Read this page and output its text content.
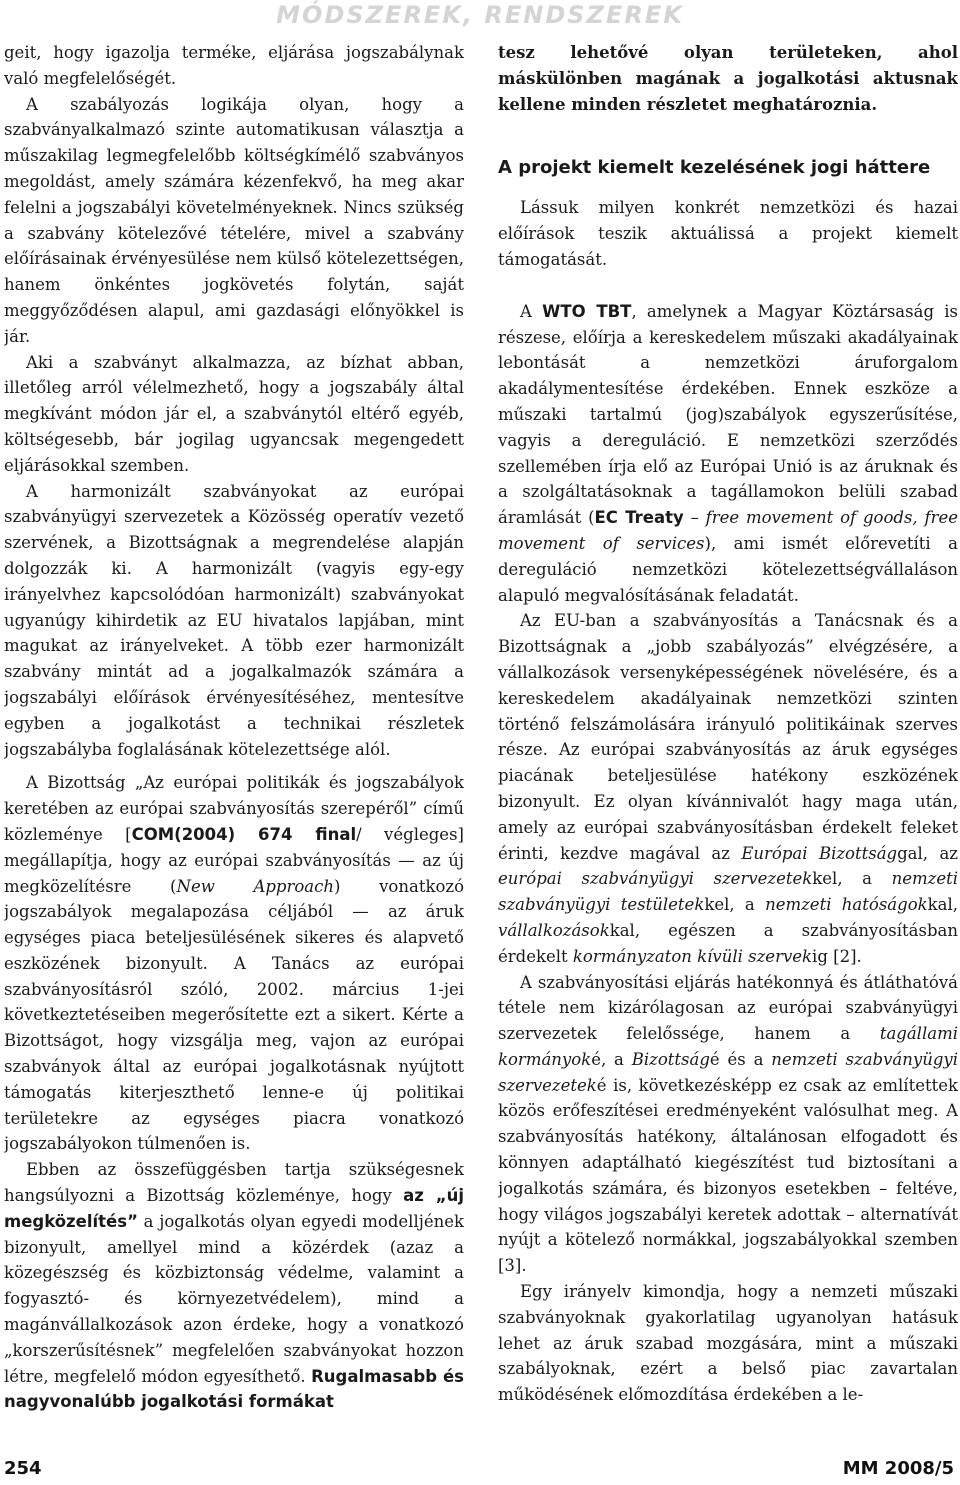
MÓDSZEREK, RENDSZEREK

geit, hogy igazolja terméke, eljárása jogszabálynak való megfelelőségét.

A szabályozás logikája olyan, hogy a szabványalkalmazó szinte automatikusan választja a műszakilag legmegfelelőbb költségkímélő szabványos megoldást, amely számára kézenfekvő, ha meg akar felelni a jogszabályi követelményeknek. Nincs szükség a szabvány kötelezővé tételére, mivel a szabvány előírásainak érvényesülése nem külső kötelezettségen, hanem önkéntes jogkövetés folytán, saját meggyőződésen alapul, ami gazdasági előnyökkel is jár.

Aki a szabványt alkalmazza, az bízhat abban, illetőleg arról vélelmezhető, hogy a jogszabály által megkívánt módon jár el, a szabványtól eltérő egyéb, költségesebb, bár jogilag ugyancsak megengedett eljárásokkal szemben.

A harmonizált szabványokat az európai szabványügyi szervezetek a Közösség operatív vezető szervének, a Bizottságnak a megrendelése alapján dolgozzák ki. A harmonizált (vagyis egy-egy irányelvhez kapcsolódóan harmonizált) szabványokat ugyanúgy kihirdetik az EU hivatalos lapjában, mint magukat az irányelveket. A több ezer harmonizált szabvány mintát ad a jogalkalmazók számára a jogszabályi előírások érvényesítéséhez, mentesítve egyben a jogalkotást a technikai részletek jogszabályba foglalásának kötelezettsége alól.

A Bizottság „Az európai politikák és jogszabályok keretében az európai szabványosítás szerepéről” című közleménye [COM(2004) 674 final/ végleges] megállapítja, hogy az európai szabványosítás — az új megközelítésre (New Approach) vonatkozó jogszabályok megalapozása céljából — az áruk egységes piaca beteljesülésének sikeres és alapvető eszközének bizonyult. A Tanács az európai szabványosításról szóló, 2002. március 1-jei következtetéseiben megerősítette ezt a sikert. Kérte a Bizottságot, hogy vizsgálja meg, vajon az európai szabványok által az európai jogalkotásnak nyújtott támogatás kiterjeszthető lenne-e új politikai területekre az egységes piacra vonatkozó jogszabályokon túlmenően is.

Ebben az összefüggésben tartja szükségesnek hangsúlyozni a Bizottság közleménye, hogy az „új megközelítés” a jogalkotás olyan egyedi modelljének bizonyult, amellyel mind a közérdek (azaz a közegészség és közbiztonság védelme, valamint a fogyasztó- és környezetvédelem), mind a magánvállalkozások azon érdeke, hogy a vonatkozó „korszerűsítésnek” megfelelően szabványokat hozzon létre, megfelelő módon egyesíthető. Rugalmasabb és nagyvonalúbb jogalkotási formákat

tesz lehetővé olyan területeken, ahol máskülönben magának a jogalkotási aktusnak kellene minden részletet meghatároznia.

A projekt kiemelt kezelésének jogi háttere

Lássuk milyen konkrét nemzetközi és hazai előírások teszik aktuálissá a projekt kiemelt támogatását.

A WTO TBT, amelynek a Magyar Köztársaság is részese, előírja a kereskedelem műszaki akadályainak lebontását a nemzetközi áruforgalom akadálymentesítése érdekében. Ennek eszköze a műszaki tartalmú (jog)szabályok egyszerűsítése, vagyis a dereguláció. E nemzetközi szerződés szellemében írja elő az Európai Unió is az áruknak és a szolgáltatásoknak a tagállamokon belüli szabad áramlását (EC Treaty – free movement of goods, free movement of services), ami ismét előrevetíti a dereguláció nemzetközi kötelezettségvállaláson alapuló megvalósításának feladatát.

Az EU-ban a szabványosítás a Tanácsnak és a Bizottságnak a „jobb szabályozás” elvégzésére, a vállalkozások versenyképességének növelésére, és a kereskedelem akadályainak nemzetközi szinten történő felszámolására irányuló politikáinak szerves része. Az európai szabványosítás az áruk egységes piacának beteljesülése hatékony eszközének bizonyult. Ez olyan kívánnivalót hagy maga után, amely az európai szabványosításban érdekelt feleket érinti, kezdve magával az Európai Bizottsággal, az európai szabványügyi szervezetekkel, a nemzeti szabványügyi testületekkel, a nemzeti hatóságokkal, vállalkozásokkal, egészen a szabványosításban érdekelt kormányzaton kívüli szervekig [2].

A szabványosítási eljárás hatékonnyá és átláthatóvá tétele nem kizárólagosan az európai szabványügyi szervezetek felelőssége, hanem a tagállami kormányoké, a Bizottságé és a nemzeti szabványügyi szervezeteké is, következésképp ez csak az említettek közös erőfeszítései eredményeként valósulhat meg. A szabványosítás hatékony, általánosan elfogadott és könnyen adaptálható kiegészítést tud biztosítani a jogalkotás számára, és bizonyos esetekben – feltéve, hogy világos jogszabályi keretek adottak – alternatívát nyújt a kötelező normákkal, jogszabályokkal szemben [3].

Egy irányelv kimondja, hogy a nemzeti műszaki szabványoknak gyakorlatilag ugyanolyan hatásuk lehet az áruk szabad mozgására, mint a műszaki szabályoknak, ezért a belső piac zavartalan működésének előmozdítása érdekében a le-

254	MM 2008/5
